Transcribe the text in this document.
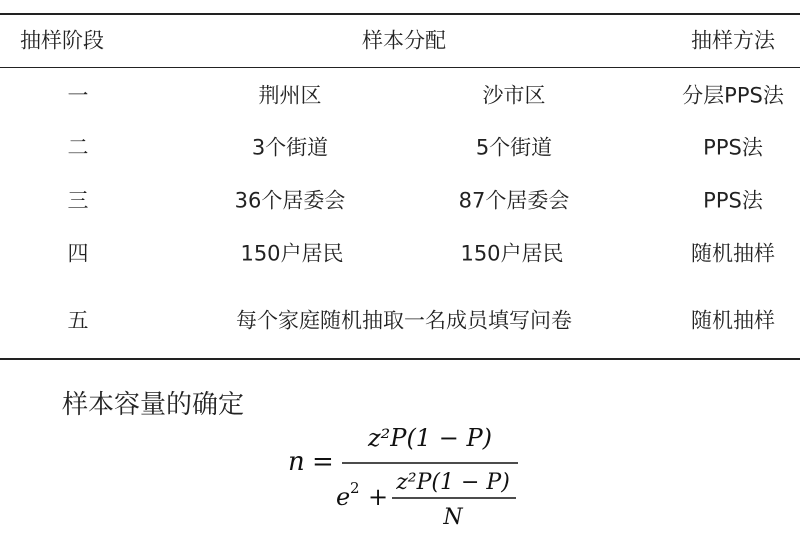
抽样阶段	样本分配	抽样方法
一	荆州区	沙市区	分层PPS法
二	3个街道	5个街道	PPS法
三	36个居委会	87个居委会	PPS法
四	150户居民	150户居民	随机抽样
五	每个家庭随机抽取一名成员填写问卷	随机抽样
样本容量的确定
n =
z²P(1 − P)
e 2 +
z²P(1 − P)
N
